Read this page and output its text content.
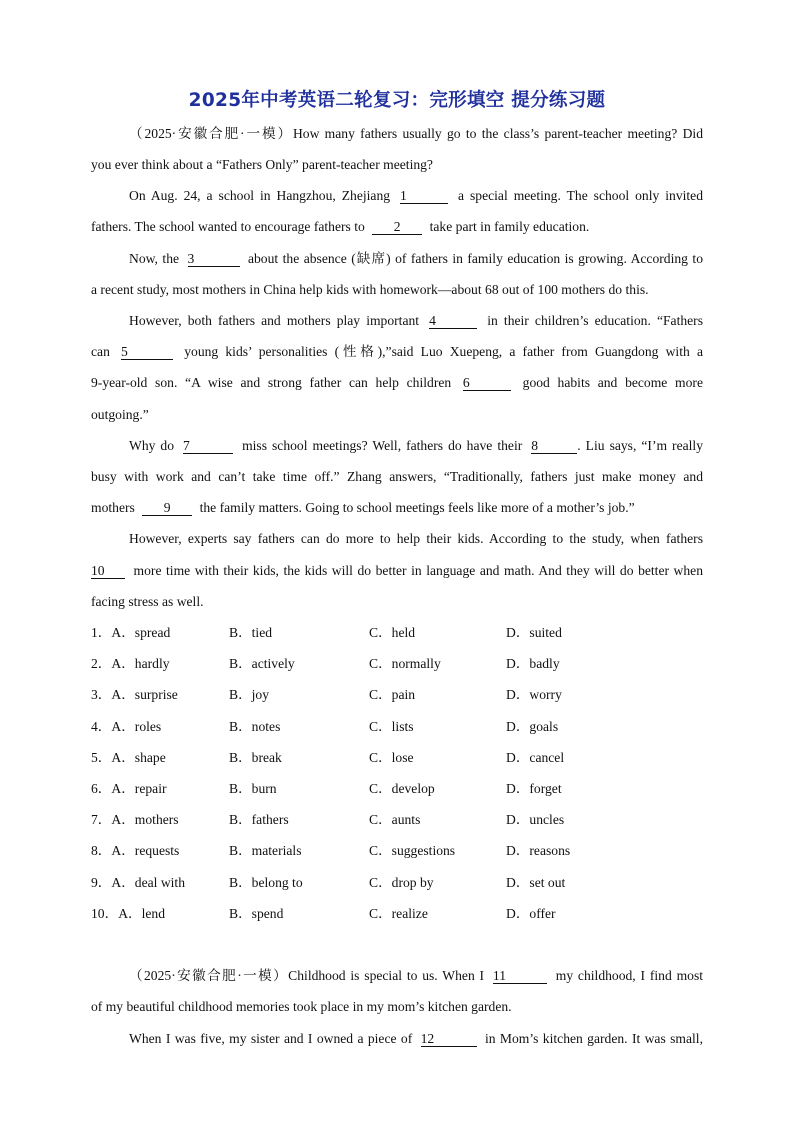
2025年中考英语二轮复习：完形填空 提分练习题
（2025·安徽合肥·一模）How many fathers usually go to the class’s parent-teacher meeting? Did
you ever think about a “Fathers Only” parent-teacher meeting?
On Aug. 24, a school in Hangzhou, Zhejiang 1	a special meeting. The school only invited
fathers. The school wanted to encourage fathers to 2 take part in family education.
Now, the 3	about the absence (缺席) of fathers in family education is growing. According to
a recent study, most mothers in China help kids with homework—about 68 out of 100 mothers do this.
However, both fathers and mothers play important 4	in their children’s education. “Fathers
can 5	young kids’ personalities (性格),”said Luo Xuepeng, a father from Guangdong with a
9-year-old son. “A wise and strong father can help children 6	good habits and become more
outgoing.”
Why do 7	miss school meetings? Well, fathers do have their 8	. Liu says, “I’m really
busy with work and can’t take time off.” Zhang answers, “Traditionally, fathers just make money and
mothers 9 the family matters. Going to school meetings feels like more of a mother’s job.”
However, experts say fathers can do more to help their kids. According to the study, when fathers
10 more time with their kids, the kids will do better in language and math. And they will do better when
facing stress as well.
1．A．spread	B．tied	C．held	D．suited
2．A．hardly	B．actively	C．normally	D．badly
3．A．surprise	B．joy	C．pain	D．worry
4．A．roles	B．notes	C．lists	D．goals
5．A．shape	B．break	C．lose	D．cancel
6．A．repair	B．burn	C．develop	D．forget
7．A．mothers	B．fathers	C．aunts	D．uncles
8．A．requests	B．materials	C．suggestions	D．reasons
9．A．deal with	B．belong to	C．drop by	D．set out
10．A．lend	B．spend	C．realize	D．offer
（2025·安徽合肥·一模）Childhood is special to us. When I 11	my childhood, I find most
of my beautiful childhood memories took place in my mom’s kitchen garden.
When I was five, my sister and I owned a piece of 12	in Mom’s kitchen garden. It was small,
